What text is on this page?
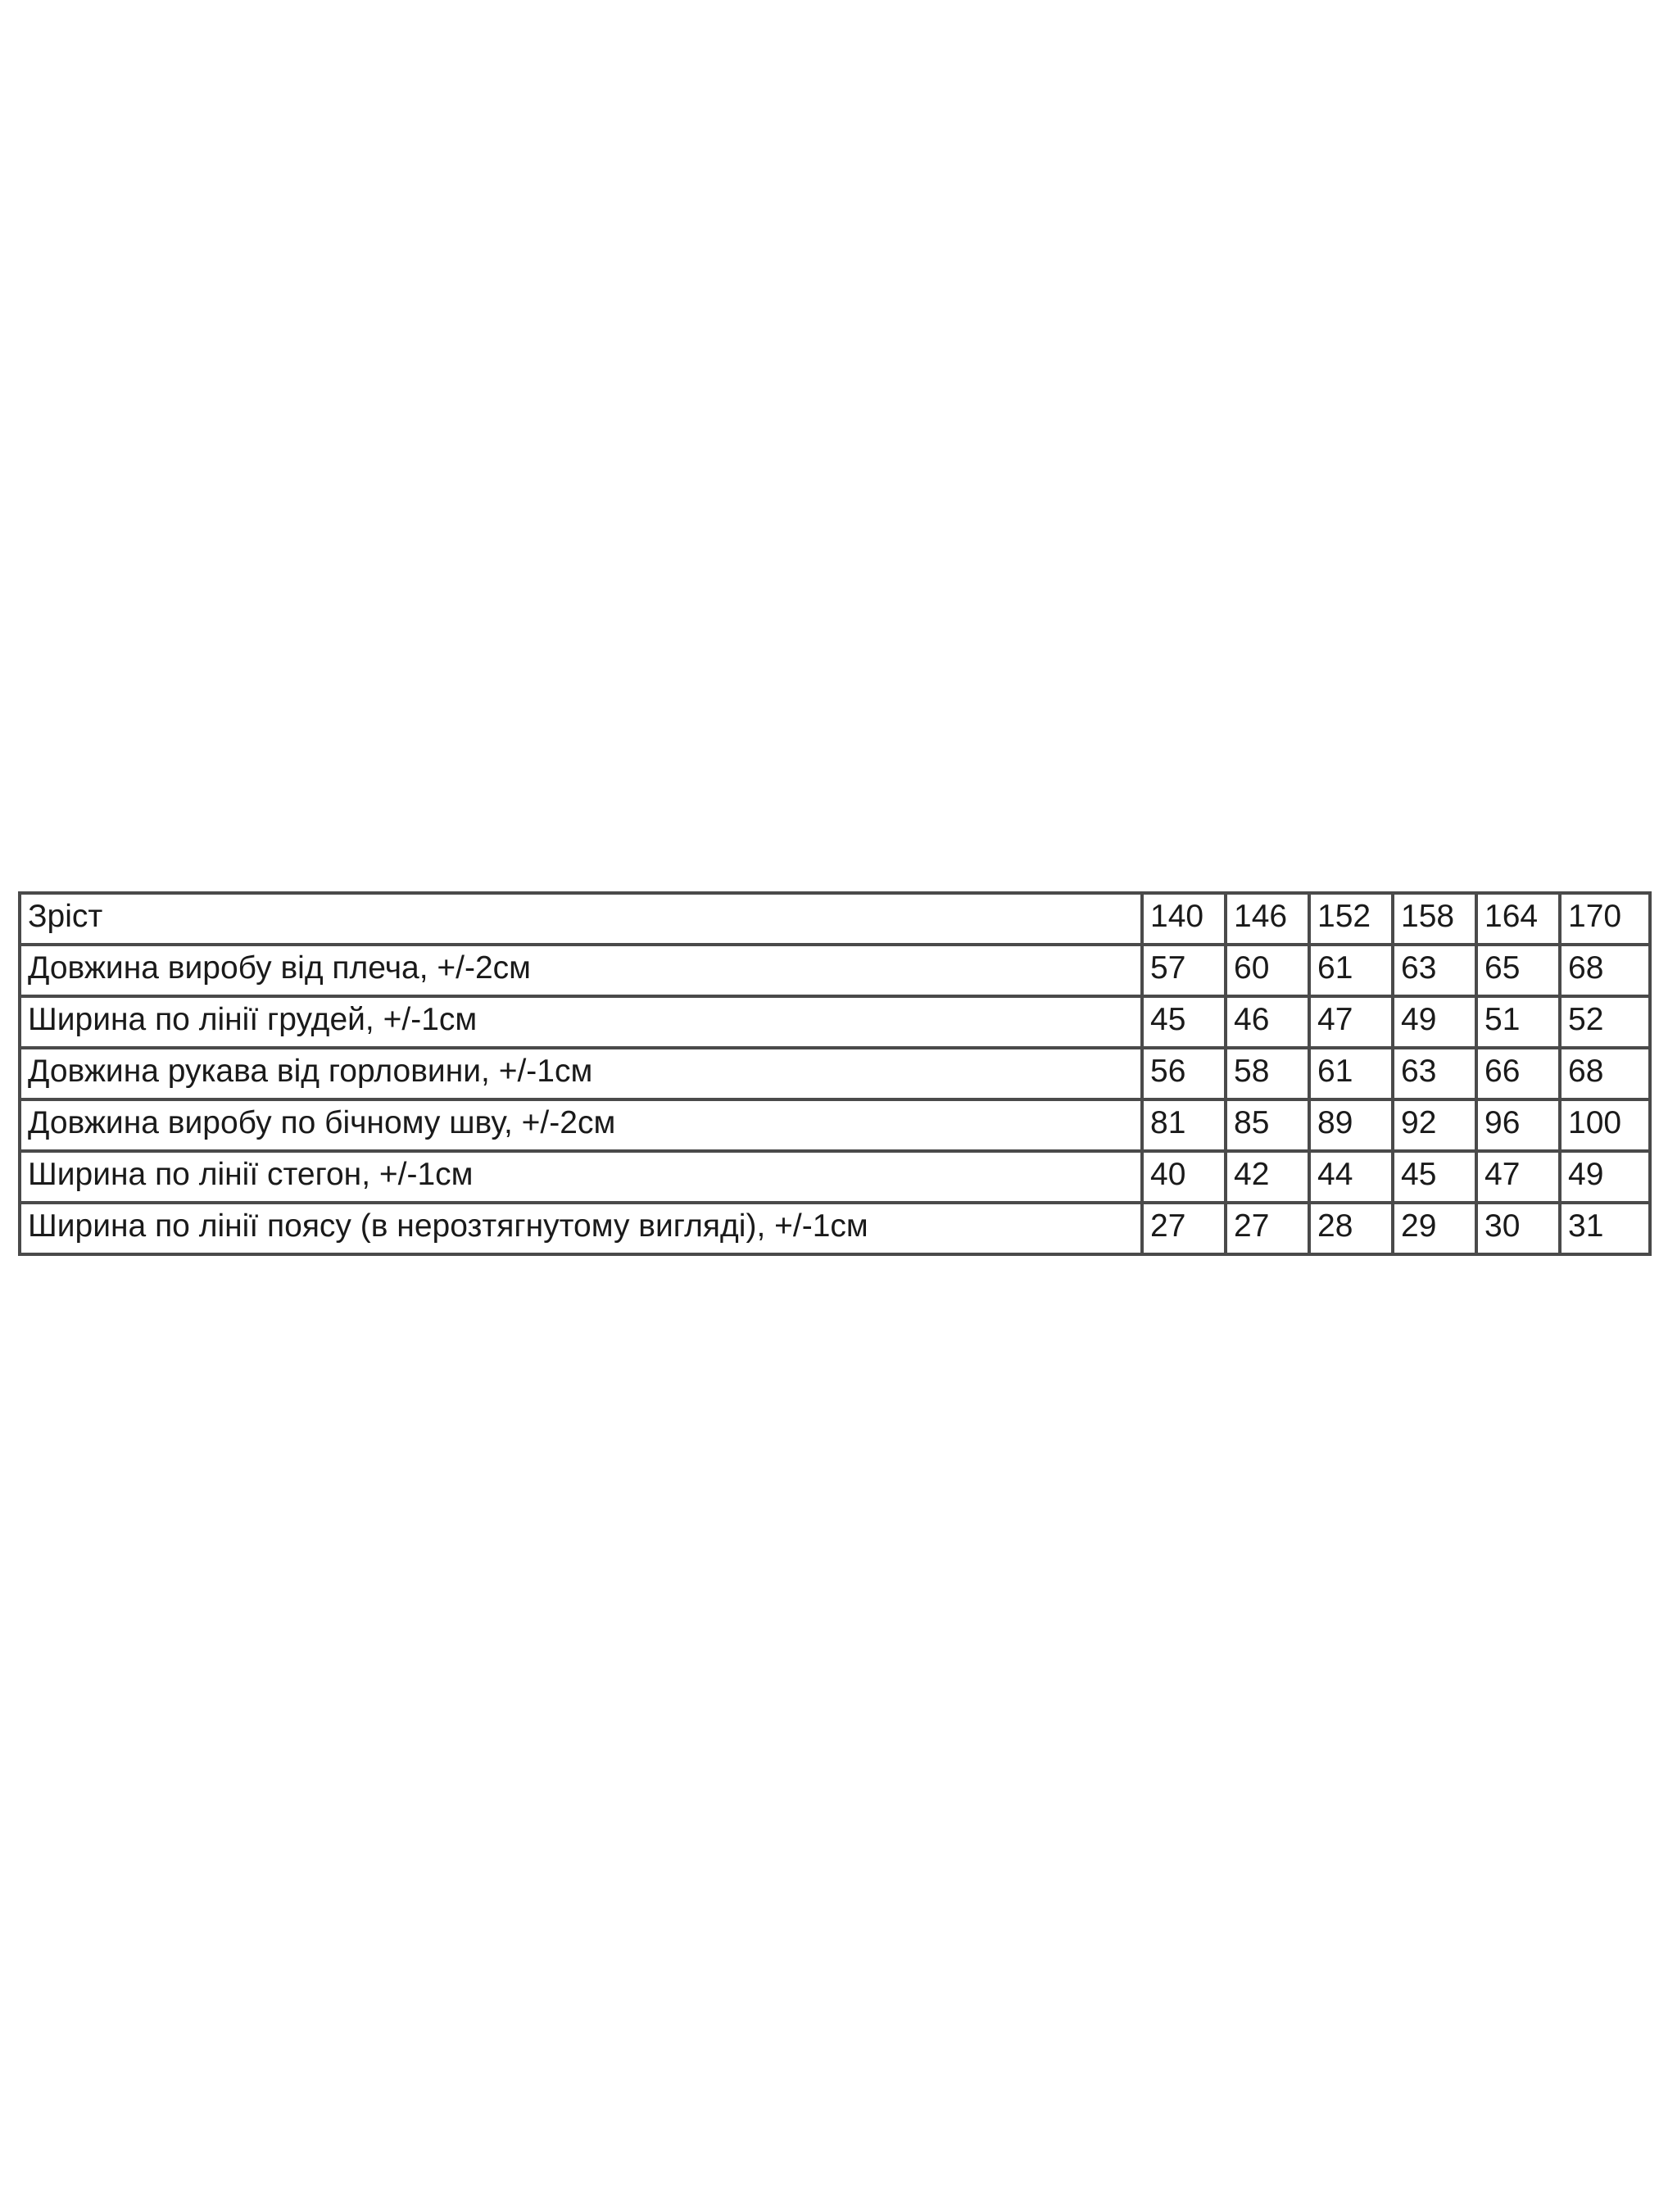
Зріст	140	146	152	158	164	170
Довжина виробу від плеча, +/-2см	57	60	61	63	65	68
Ширина по лінії грудей, +/-1см	45	46	47	49	51	52
Довжина рукава від горловини, +/-1см	56	58	61	63	66	68
Довжина виробу по бічному шву, +/-2см	81	85	89	92	96	100
Ширина по лінії стегон, +/-1см	40	42	44	45	47	49
Ширина по лінії поясу (в нерозтягнутому вигляді), +/-1см	27	27	28	29	30	31
